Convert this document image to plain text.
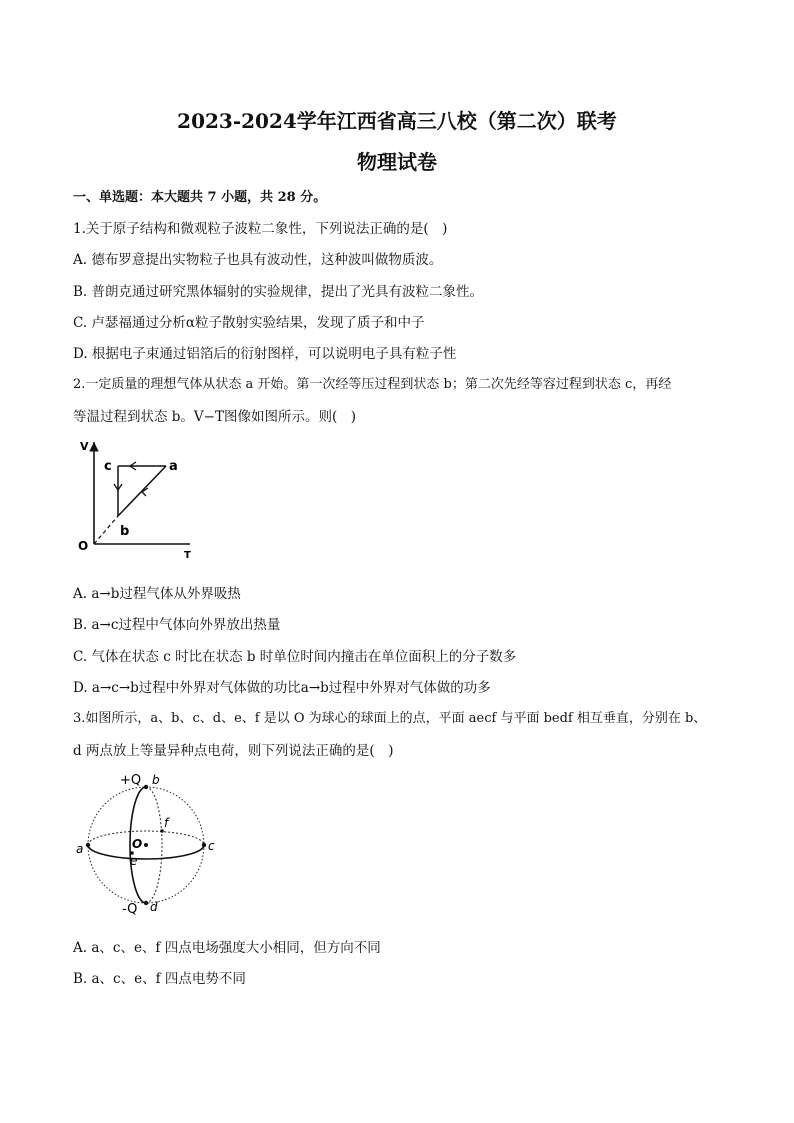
2023-2024学年江西省高三八校（第二次）联考
物理试卷
一、单选题：本大题共 7 小题，共 28 分。
1.关于原子结构和微观粒子波粒二象性，下列说法正确的是(　)
A. 德布罗意提出实物粒子也具有波动性，这种波叫做物质波。
B. 普朗克通过研究黑体辐射的实验规律，提出了光具有波粒二象性。
C. 卢瑟福通过分析α粒子散射实验结果，发现了质子和中子
D. 根据电子束通过铝箔后的衍射图样，可以说明电子具有粒子性
2.一定质量的理想气体从状态 a 开始。第一次经等压过程到状态 b；第二次先经等容过程到状态 c，再经
等温过程到状态 b。V−T图像如图所示。则(　)
V
T
O
a
b
c
A. a→b过程气体从外界吸热
B. a→c过程中气体向外界放出热量
C. 气体在状态 c 时比在状态 b 时单位时间内撞击在单位面积上的分子数多
D. a→c→b过程中外界对气体做的功比a→b过程中外界对气体做的功多
3.如图所示，a、b、c、d、e、f 是以 O 为球心的球面上的点，平面 aecf 与平面 bedf 相互垂直，分别在 b、
d 两点放上等量异种点电荷，则下列说法正确的是(　)
+Q b
-Q d
a	c
O
e
f
A. a、c、e、f 四点电场强度大小相同，但方向不同
B. a、c、e、f 四点电势不同
